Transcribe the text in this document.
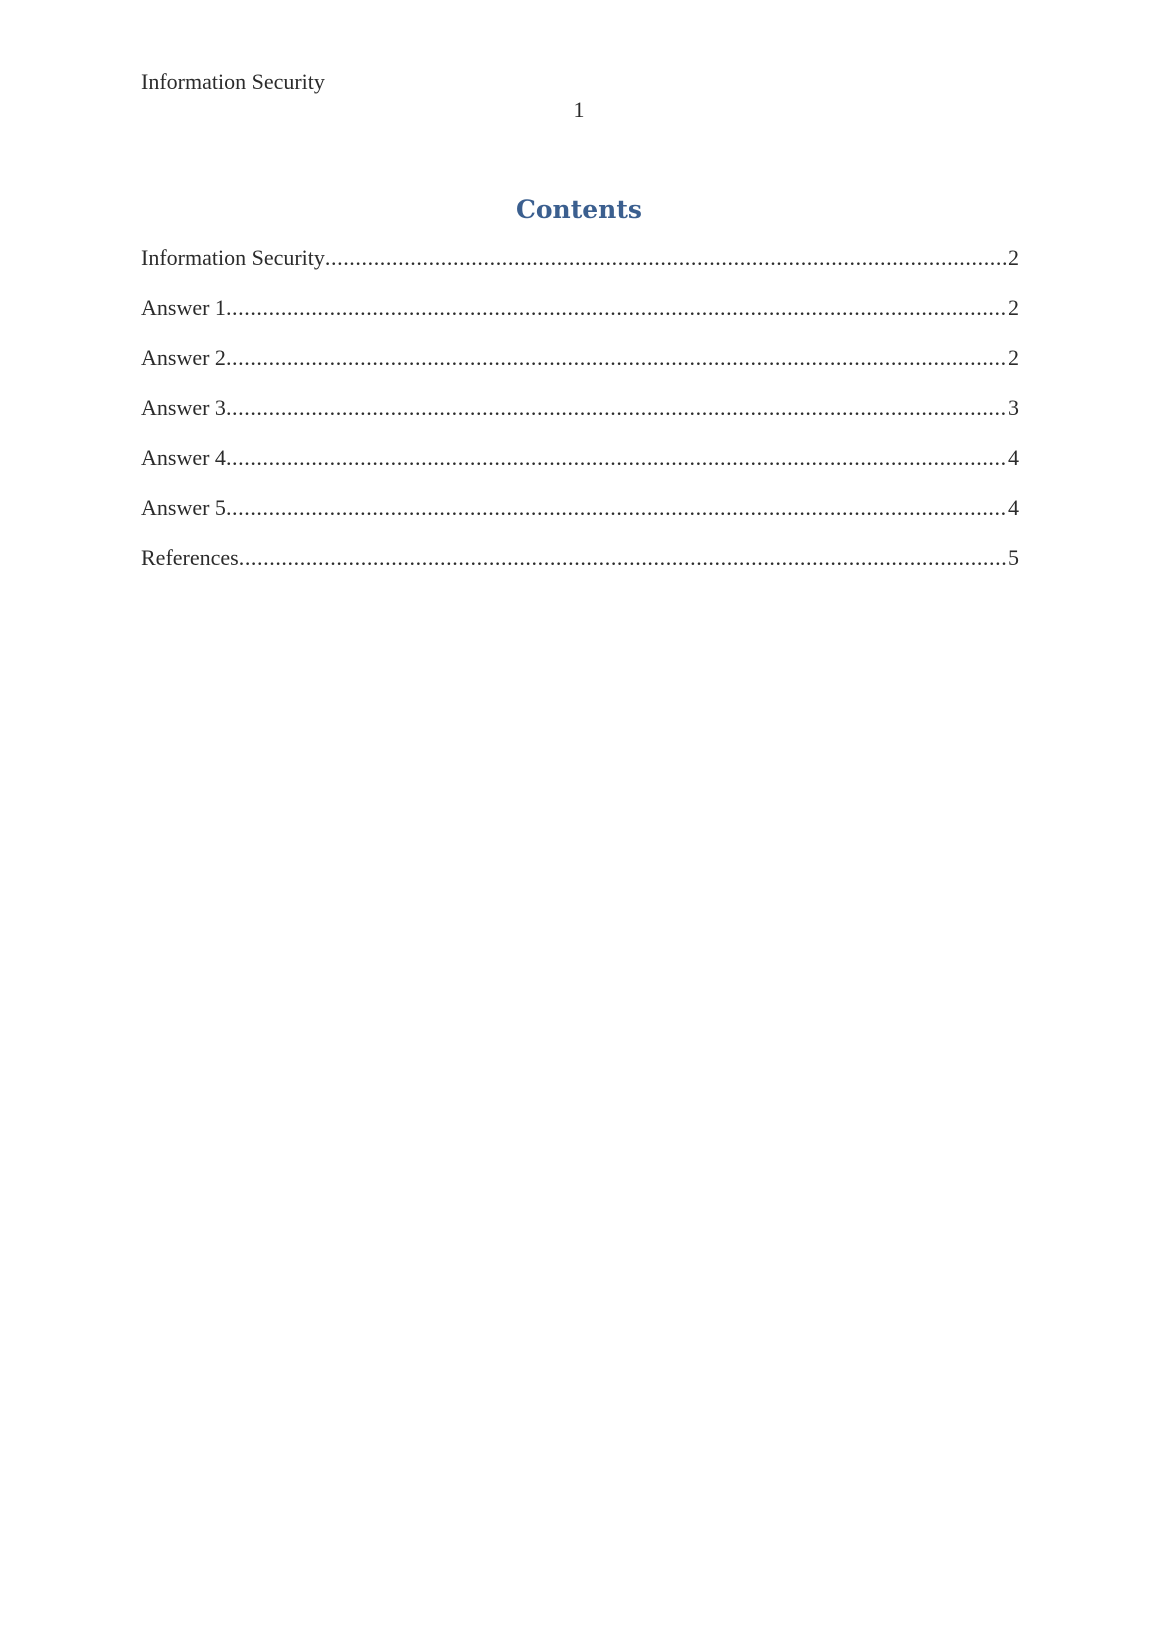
Information Security
1
Contents
Information Security .....	2
Answer 1 .....	2
Answer 2 .....	2
Answer 3 .....	3
Answer 4 .....	4
Answer 5 .....	4
References .....	5
